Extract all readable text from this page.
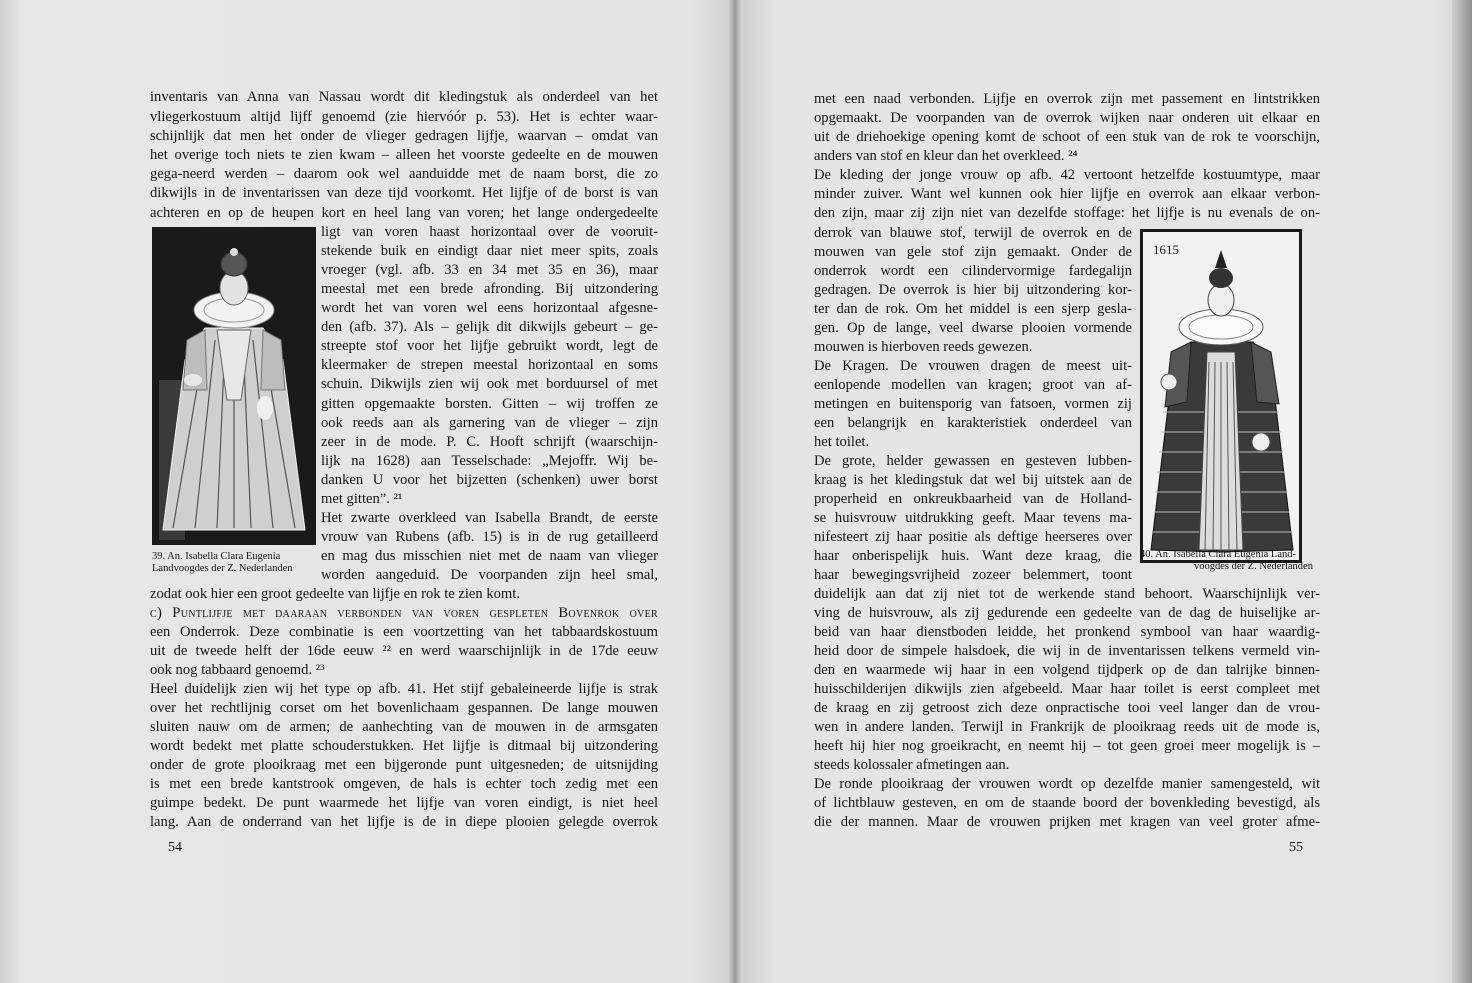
inventaris van Anna van Nassau wordt dit kledingstuk als onderdeel van het
vliegerkostuum altijd lijff genoemd (zie hiervóór p. 53). Het is echter waar-
schijnlijk dat men het onder de vlieger gedragen lijfje, waarvan – omdat van
het overige toch niets te zien kwam – alleen het voorste gedeelte en de mouwen
gega-neerd werden – daarom ook wel aanduidde met de naam borst, die zo
dikwijls in de inventarissen van deze tijd voorkomt. Het lijfje of de borst is van
achteren en op de heupen kort en heel lang van voren; het lange ondergedeelte
ligt van voren haast horizontaal over de vooruit-
stekende buik en eindigt daar niet meer spits, zoals
vroeger (vgl. afb. 33 en 34 met 35 en 36), maar
meestal met een brede afronding. Bij uitzondering
wordt het van voren wel eens horizontaal afgesne-
den (afb. 37). Als – gelijk dit dikwijls gebeurt – ge-
streepte stof voor het lijfje gebruikt wordt, legt de
kleermaker de strepen meestal horizontaal en soms
schuin. Dikwijls zien wij ook met borduursel of met
gitten opgemaakte borsten. Gitten – wij troffen ze
ook reeds aan als garnering van de vlieger – zijn
zeer in de mode. P. C. Hooft schrijft (waarschijn-
lijk na 1628) aan Tesselschade: „Mejoffr. Wij be-
danken U voor het bijzetten (schenken) uwer borst
met gitten”. ²¹
Het zwarte overkleed van Isabella Brandt, de eerste
vrouw van Rubens (afb. 15) is in de rug getailleerd
en mag dus misschien niet met de naam van vlieger
worden aangeduid. De voorpanden zijn heel smal,
39. An. Isabella Clara Eugenia
Landvoogdes der Z. Nederlanden
zodat ook hier een groot gedeelte van lijfje en rok te zien komt.
c) Puntlijfje met daaraan verbonden van voren gespleten Bovenrok over
een Onderrok. Deze combinatie is een voortzetting van het tabbaardskostuum
uit de tweede helft der 16de eeuw ²² en werd waarschijnlijk in de 17de eeuw
ook nog tabbaard genoemd. ²³
Heel duidelijk zien wij het type op afb. 41. Het stijf gebaleineerde lijfje is strak
over het rechtlijnig corset om het bovenlichaam gespannen. De lange mouwen
sluiten nauw om de armen; de aanhechting van de mouwen in de armsgaten
wordt bedekt met platte schouderstukken. Het lijfje is ditmaal bij uitzondering
onder de grote plooikraag met een bijgeronde punt uitgesneden; de uitsnijding
is met een brede kantstrook omgeven, de hals is echter toch zedig met een
guimpe bedekt. De punt waarmede het lijfje van voren eindigt, is niet heel
lang. Aan de onderrand van het lijfje is de in diepe plooien gelegde overrok
54
met een naad verbonden. Lijfje en overrok zijn met passement en lintstrikken
opgemaakt. De voorpanden van de overrok wijken naar onderen uit elkaar en
uit de driehoekige opening komt de schoot of een stuk van de rok te voorschijn,
anders van stof en kleur dan het overkleed. ²⁴
De kleding der jonge vrouw op afb. 42 vertoont hetzelfde kostuumtype, maar
minder zuiver. Want wel kunnen ook hier lijfje en overrok aan elkaar verbon-
den zijn, maar zij zijn niet van dezelfde stoffage: het lijfje is nu evenals de on-
derrok van blauwe stof, terwijl de overrok en de
mouwen van gele stof zijn gemaakt. Onder de
onderrok wordt een cilindervormige fardegalijn
gedragen. De overrok is hier bij uitzondering kor-
ter dan de rok. Om het middel is een sjerp gesla-
gen. Op de lange, veel dwarse plooien vormende
mouwen is hierboven reeds gewezen.
De Kragen. De vrouwen dragen de meest uit-
eenlopende modellen van kragen; groot van af-
metingen en buitensporig van fatsoen, vormen zij
een belangrijk en karakteristiek onderdeel van
het toilet.
De grote, helder gewassen en gesteven lubben-
kraag is het kledingstuk dat wel bij uitstek aan de
properheid en onkreukbaarheid van de Holland-
se huisvrouw uitdrukking geeft. Maar tevens ma-
nifesteert zij haar positie als deftige heerseres over
haar onberispelijk huis. Want deze kraag, die
haar bewegingsvrijheid zozeer belemmert, toont
1615
40. An. Isabella Clara Eugenia Land-
voogdes der Z. Nederlanden
duidelijk aan dat zij niet tot de werkende stand behoort. Waarschijnlijk ver-
ving de huisvrouw, als zij gedurende een gedeelte van de dag de huiselijke ar-
beid van haar dienstboden leidde, het pronkend symbool van haar waardig-
heid door de simpele halsdoek, die wij in de inventarissen telkens vermeld vin-
den en waarmede wij haar in een volgend tijdperk op de dan talrijke binnen-
huisschilderijen dikwijls zien afgebeeld. Maar haar toilet is eerst compleet met
de kraag en zij getroost zich deze onpractische tooi veel langer dan de vrou-
wen in andere landen. Terwijl in Frankrijk de plooikraag reeds uit de mode is,
heeft hij hier nog groeikracht, en neemt hij – tot geen groei meer mogelijk is –
steeds kolossaler afmetingen aan.
De ronde plooikraag der vrouwen wordt op dezelfde manier samengesteld, wit
of lichtblauw gesteven, en om de staande boord der bovenkleding bevestigd, als
die der mannen. Maar de vrouwen prijken met kragen van veel groter afme-
55
